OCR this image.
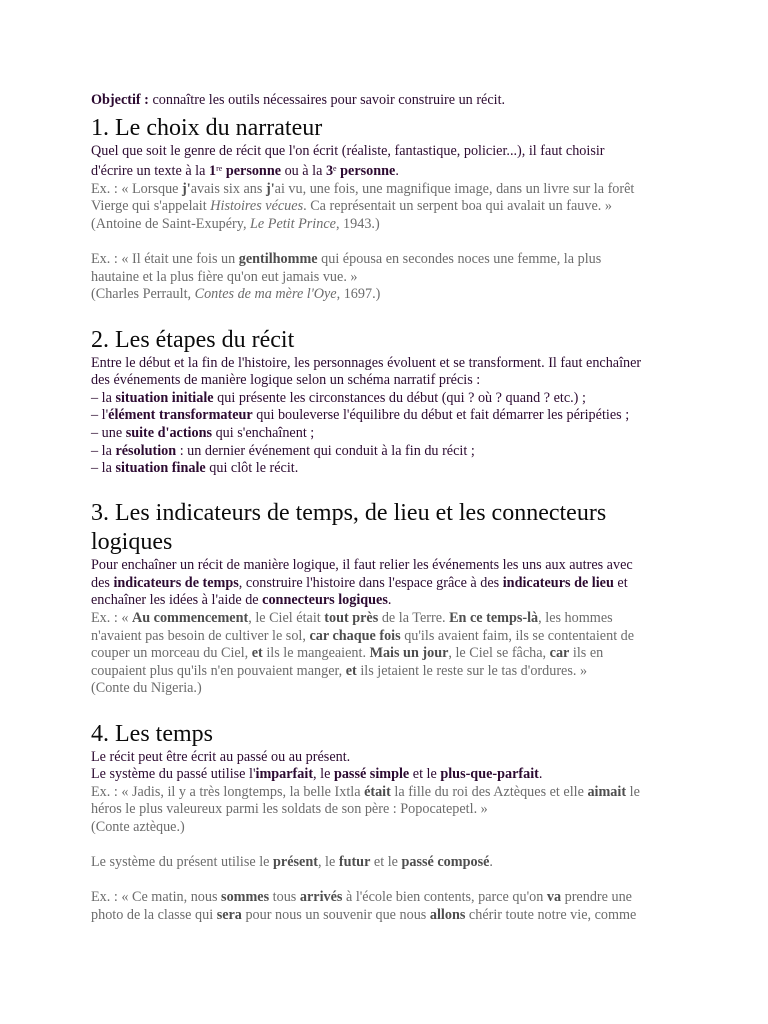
Objectif : connaître les outils nécessaires pour savoir construire un récit.

1. Le choix du narrateur

Quel que soit le genre de récit que l'on écrit (réaliste, fantastique, policier...), il faut choisir

d'écrire un texte à la 1re personne ou à la 3e personne.

Ex. : « Lorsque j'avais six ans j'ai vu, une fois, une magnifique image, dans un livre sur la forêt

Vierge qui s'appelait Histoires vécues. Ca représentait un serpent boa qui avalait un fauve. »

(Antoine de Saint-Exupéry, Le Petit Prince, 1943.)

Ex. : « Il était une fois un gentilhomme qui épousa en secondes noces une femme, la plus

hautaine et la plus fière qu'on eut jamais vue. »

(Charles Perrault, Contes de ma mère l'Oye, 1697.)

2. Les étapes du récit

Entre le début et la fin de l'histoire, les personnages évoluent et se transforment. Il faut enchaîner

des événements de manière logique selon un schéma narratif précis :

– la situation initiale qui présente les circonstances du début (qui ? où ? quand ? etc.) ;

– l'élément transformateur qui bouleverse l'équilibre du début et fait démarrer les péripéties ;

– une suite d'actions qui s'enchaînent ;

– la résolution : un dernier événement qui conduit à la fin du récit ;

– la situation finale qui clôt le récit.

3. Les indicateurs de temps, de lieu et les connecteurs
logiques

Pour enchaîner un récit de manière logique, il faut relier les événements les uns aux autres avec

des indicateurs de temps, construire l'histoire dans l'espace grâce à des indicateurs de lieu et

enchaîner les idées à l'aide de connecteurs logiques.

Ex. : « Au commencement, le Ciel était tout près de la Terre. En ce temps-là, les hommes

n'avaient pas besoin de cultiver le sol, car chaque fois qu'ils avaient faim, ils se contentaient de

couper un morceau du Ciel, et ils le mangeaient. Mais un jour, le Ciel se fâcha, car ils en

coupaient plus qu'ils n'en pouvaient manger, et ils jetaient le reste sur le tas d'ordures. »

(Conte du Nigeria.)

4. Les temps

Le récit peut être écrit au passé ou au présent.

Le système du passé utilise l'imparfait, le passé simple et le plus-que-parfait.

Ex. : « Jadis, il y a très longtemps, la belle Ixtla était la fille du roi des Aztèques et elle aimait le

héros le plus valeureux parmi les soldats de son père : Popocatepetl. »

(Conte aztèque.)

Le système du présent utilise le présent, le futur et le passé composé.

Ex. : « Ce matin, nous sommes tous arrivés à l'école bien contents, parce qu'on va prendre une

photo de la classe qui sera pour nous un souvenir que nous allons chérir toute notre vie, comme
